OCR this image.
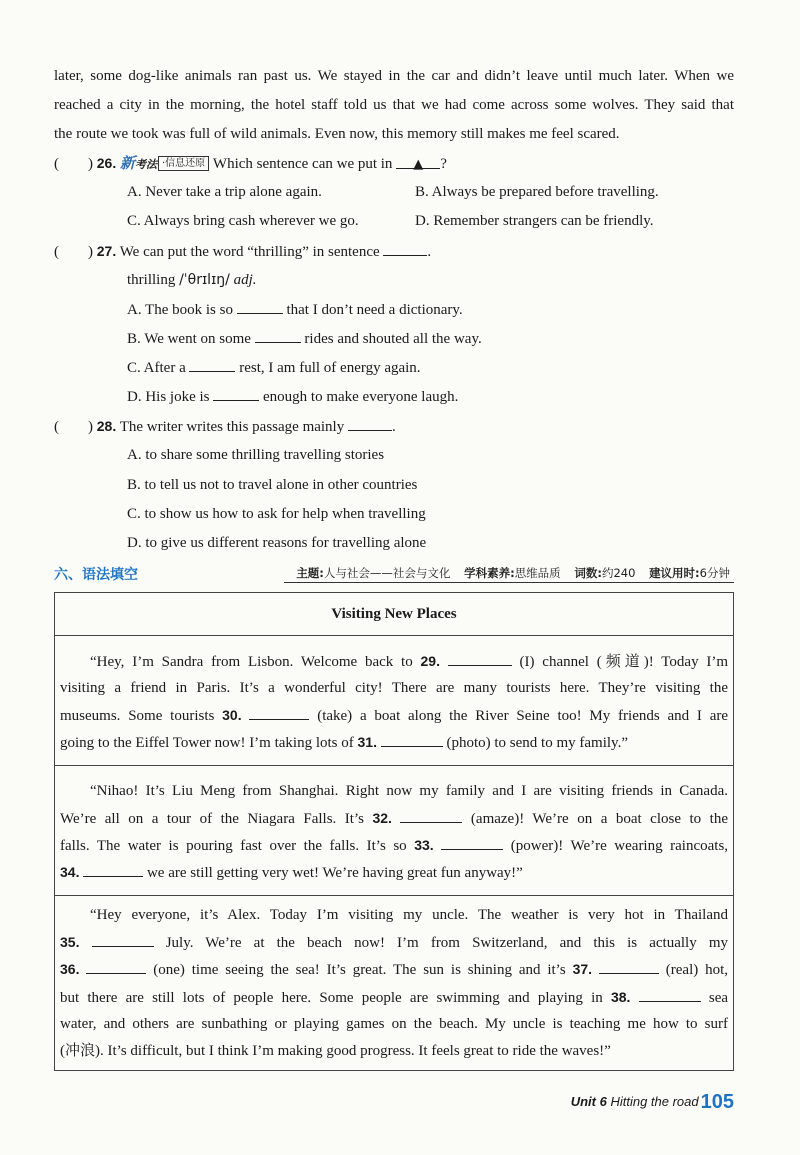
later, some dog-like animals ran past us. We stayed in the car and didn’t leave until much later. When we
reached a city in the morning, the hotel staff told us that we had come across some wolves. They said that
the route we took was full of wild animals. Even now, this memory still makes me feel scared.
( ) 26. 新考法 ·信息还原 Which sentence can we put in ▲ ?
A. Never take a trip alone again.	B. Always be prepared before travelling.
C. Always bring cash wherever we go.	D. Remember strangers can be friendly.
( ) 27. We can put the word “thrilling” in sentence	.
thrilling /ˈθrɪlɪŋ/ adj.
A. The book is so	that I don’t need a dictionary.
B. We went on some	rides and shouted all the way.
C. After a	rest, I am full of energy again.
D. His joke is	enough to make everyone laugh.
( ) 28. The writer writes this passage mainly	.
A. to share some thrilling travelling stories
B. to tell us not to travel alone in other countries
C. to show us how to ask for help when travelling
D. to give us different reasons for travelling alone
六、语法填空	主题:人与社会——社会与文化 学科素养:思维品质 词数:约240 建议用时:6分钟
Visiting New Places
“Hey, I’m Sandra from Lisbon. Welcome back to 29.	(I) channel (频道)! Today I’m
visiting a friend in Paris. It’s a wonderful city! There are many tourists here. They’re visiting the
museums. Some tourists 30.	(take) a boat along the River Seine too! My friends and I are
going to the Eiffel Tower now! I’m taking lots of 31.	(photo) to send to my family.”
“Nihao! It’s Liu Meng from Shanghai. Right now my family and I are visiting friends in Canada.
We’re all on a tour of the Niagara Falls. It’s 32.	(amaze)! We’re on a boat close to the
falls. The water is pouring fast over the falls. It’s so 33.	(power)! We’re wearing raincoats,
34.	we are still getting very wet! We’re having great fun anyway!”
“Hey everyone, it’s Alex. Today I’m visiting my uncle. The weather is very hot in Thailand
35.	July. We’re at the beach now! I’m from Switzerland, and this is actually my
36.	(one) time seeing the sea! It’s great. The sun is shining and it’s 37.	(real) hot,
but there are still lots of people here. Some people are swimming and playing in 38.	sea
water, and others are sunbathing or playing games on the beach. My uncle is teaching me how to surf
(冲浪). It’s difficult, but I think I’m making good progress. It feels great to ride the waves!”
Unit 6 Hitting the road 105
